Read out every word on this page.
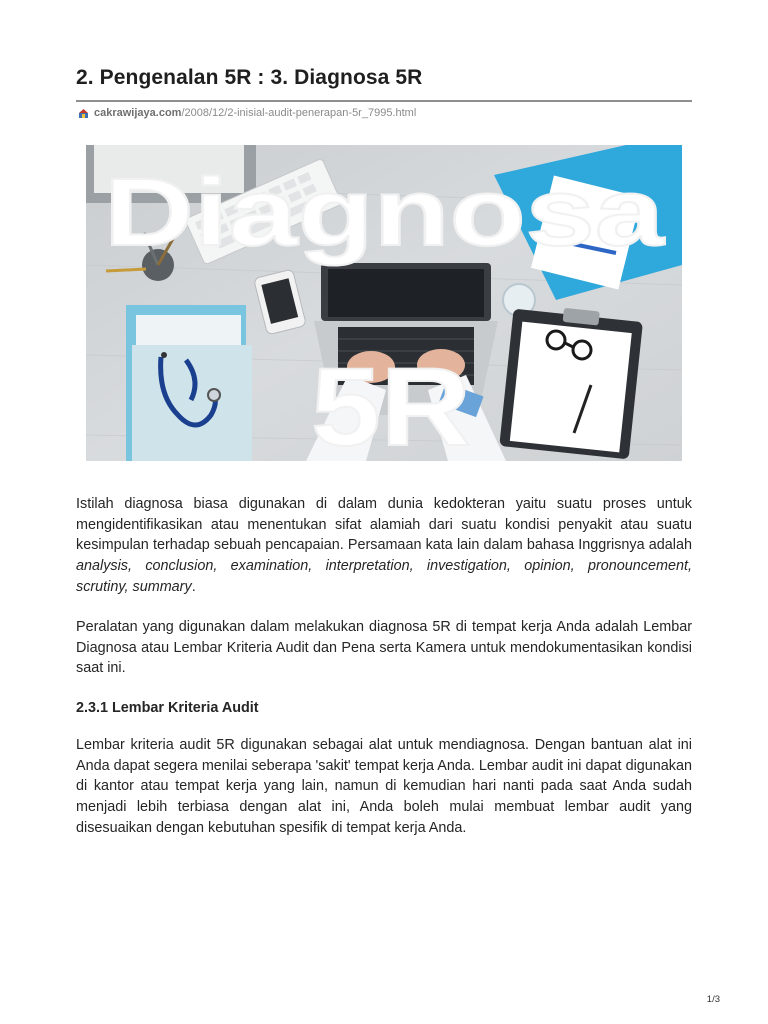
2. Pengenalan 5R : 3. Diagnosa 5R
cakrawijaya.com/2008/12/2-inisial-audit-penerapan-5r_7995.html
Diagnosa
5R

Istilah diagnosa biasa digunakan di dalam dunia kedokteran yaitu suatu proses untuk mengidentifikasikan atau menentukan sifat alamiah dari suatu kondisi penyakit atau suatu kesimpulan terhadap sebuah pencapaian. Persamaan kata lain dalam bahasa Inggrisnya adalah analysis, conclusion, examination, interpretation, investigation, opinion, pronouncement, scrutiny, summary.

Peralatan yang digunakan dalam melakukan diagnosa 5R di tempat kerja Anda adalah Lembar Diagnosa atau Lembar Kriteria Audit dan Pena serta Kamera untuk mendokumentasikan kondisi saat ini.

2.3.1 Lembar Kriteria Audit

Lembar kriteria audit 5R digunakan sebagai alat untuk mendiagnosa. Dengan bantuan alat ini Anda dapat segera menilai seberapa 'sakit' tempat kerja Anda. Lembar audit ini dapat digunakan di kantor atau tempat kerja yang lain, namun di kemudian hari nanti pada saat Anda sudah menjadi lebih terbiasa dengan alat ini, Anda boleh mulai membuat lembar audit yang disesuaikan dengan kebutuhan spesifik di tempat kerja Anda.

1/3
